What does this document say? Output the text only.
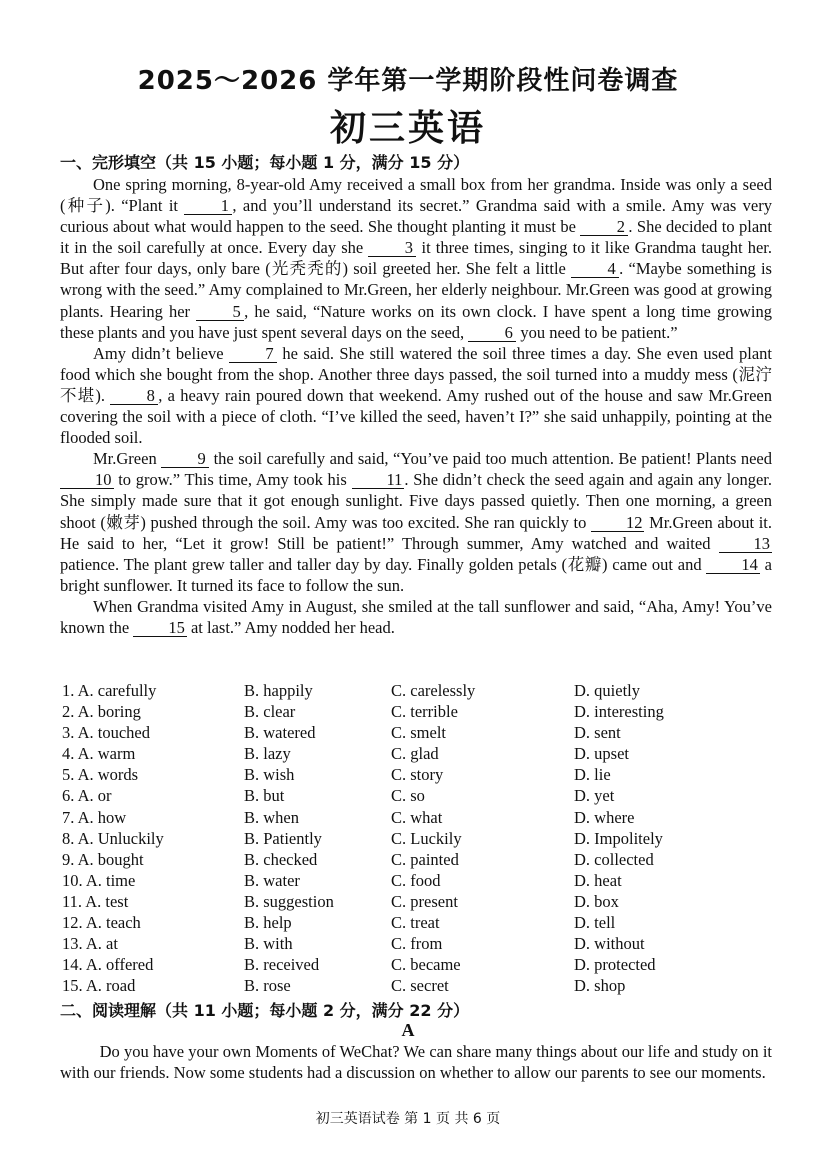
2025～2026 学年第一学期阶段性问卷调查
初三英语
一、完形填空（共 15 小题；每小题 1 分，满分 15 分）

One spring morning, 8-year-old Amy received a small box from her grandma. Inside was only a seed (种子). “Plant it 1 , and you’ll understand its secret.” Grandma said with a smile. Amy was very curious about what would happen to the seed. She thought planting it must be 2 . She decided to plant it in the soil carefully at once. Every day she 3 it three times, singing to it like Grandma taught her. But after four days, only bare (光秃秃的) soil greeted her. She felt a little 4 . “Maybe something is wrong with the seed.” Amy complained to Mr.Green, her elderly neighbour. Mr.Green was good at growing plants. Hearing her 5 , he said, “Nature works on its own clock. I have spent a long time growing these plants and you have just spent several days on the seed, 6 you need to be patient.”

Amy didn’t believe 7 he said. She still watered the soil three times a day. She even used plant food which she bought from the shop. Another three days passed, the soil turned into a muddy mess (泥泞不堪). 8 , a heavy rain poured down that weekend. Amy rushed out of the house and saw Mr.Green covering the soil with a piece of cloth. “I’ve killed the seed, haven’t I?” she said unhappily, pointing at the flooded soil.

Mr.Green 9 the soil carefully and said, “You’ve paid too much attention. Be patient! Plants need 10 to grow.” This time, Amy took his 11 . She didn’t check the seed again and again any longer. She simply made sure that it got enough sunlight. Five days passed quietly. Then one morning, a green shoot (嫩芽) pushed through the soil. Amy was too excited. She ran quickly to 12 Mr.Green about it. He said to her, “Let it grow! Still be patient!” Through summer, Amy watched and waited 13 patience. The plant grew taller and taller day by day. Finally golden petals (花瓣) came out and 14 a bright sunflower. It turned its face to follow the sun.

When Grandma visited Amy in August, she smiled at the tall sunflower and said, “Aha, Amy! You’ve known the 15 at last.” Amy nodded her head.

1. A. carefully	B. happily	C. carelessly	D. quietly
2. A. boring	B. clear	C. terrible	D. interesting
3. A. touched	B. watered	C. smelt	D. sent
4. A. warm	B. lazy	C. glad	D. upset
5. A. words	B. wish	C. story	D. lie
6. A. or	B. but	C. so	D. yet
7. A. how	B. when	C. what	D. where
8. A. Unluckily	B. Patiently	C. Luckily	D. Impolitely
9. A. bought	B. checked	C. painted	D. collected
10. A. time	B. water	C. food	D. heat
11. A. test	B. suggestion	C. present	D. box
12. A. teach	B. help	C. treat	D. tell
13. A. at	B. with	C. from	D. without
14. A. offered	B. received	C. became	D. protected
15. A. road	B. rose	C. secret	D. shop
二、阅读理解（共 11 小题；每小题 2 分，满分 22 分）
A

Do you have your own Moments of WeChat? We can share many things about our life and study on it with our friends. Now some students had a discussion on whether to allow our parents to see our moments.

初三英语试卷 第 1 页 共 6 页
